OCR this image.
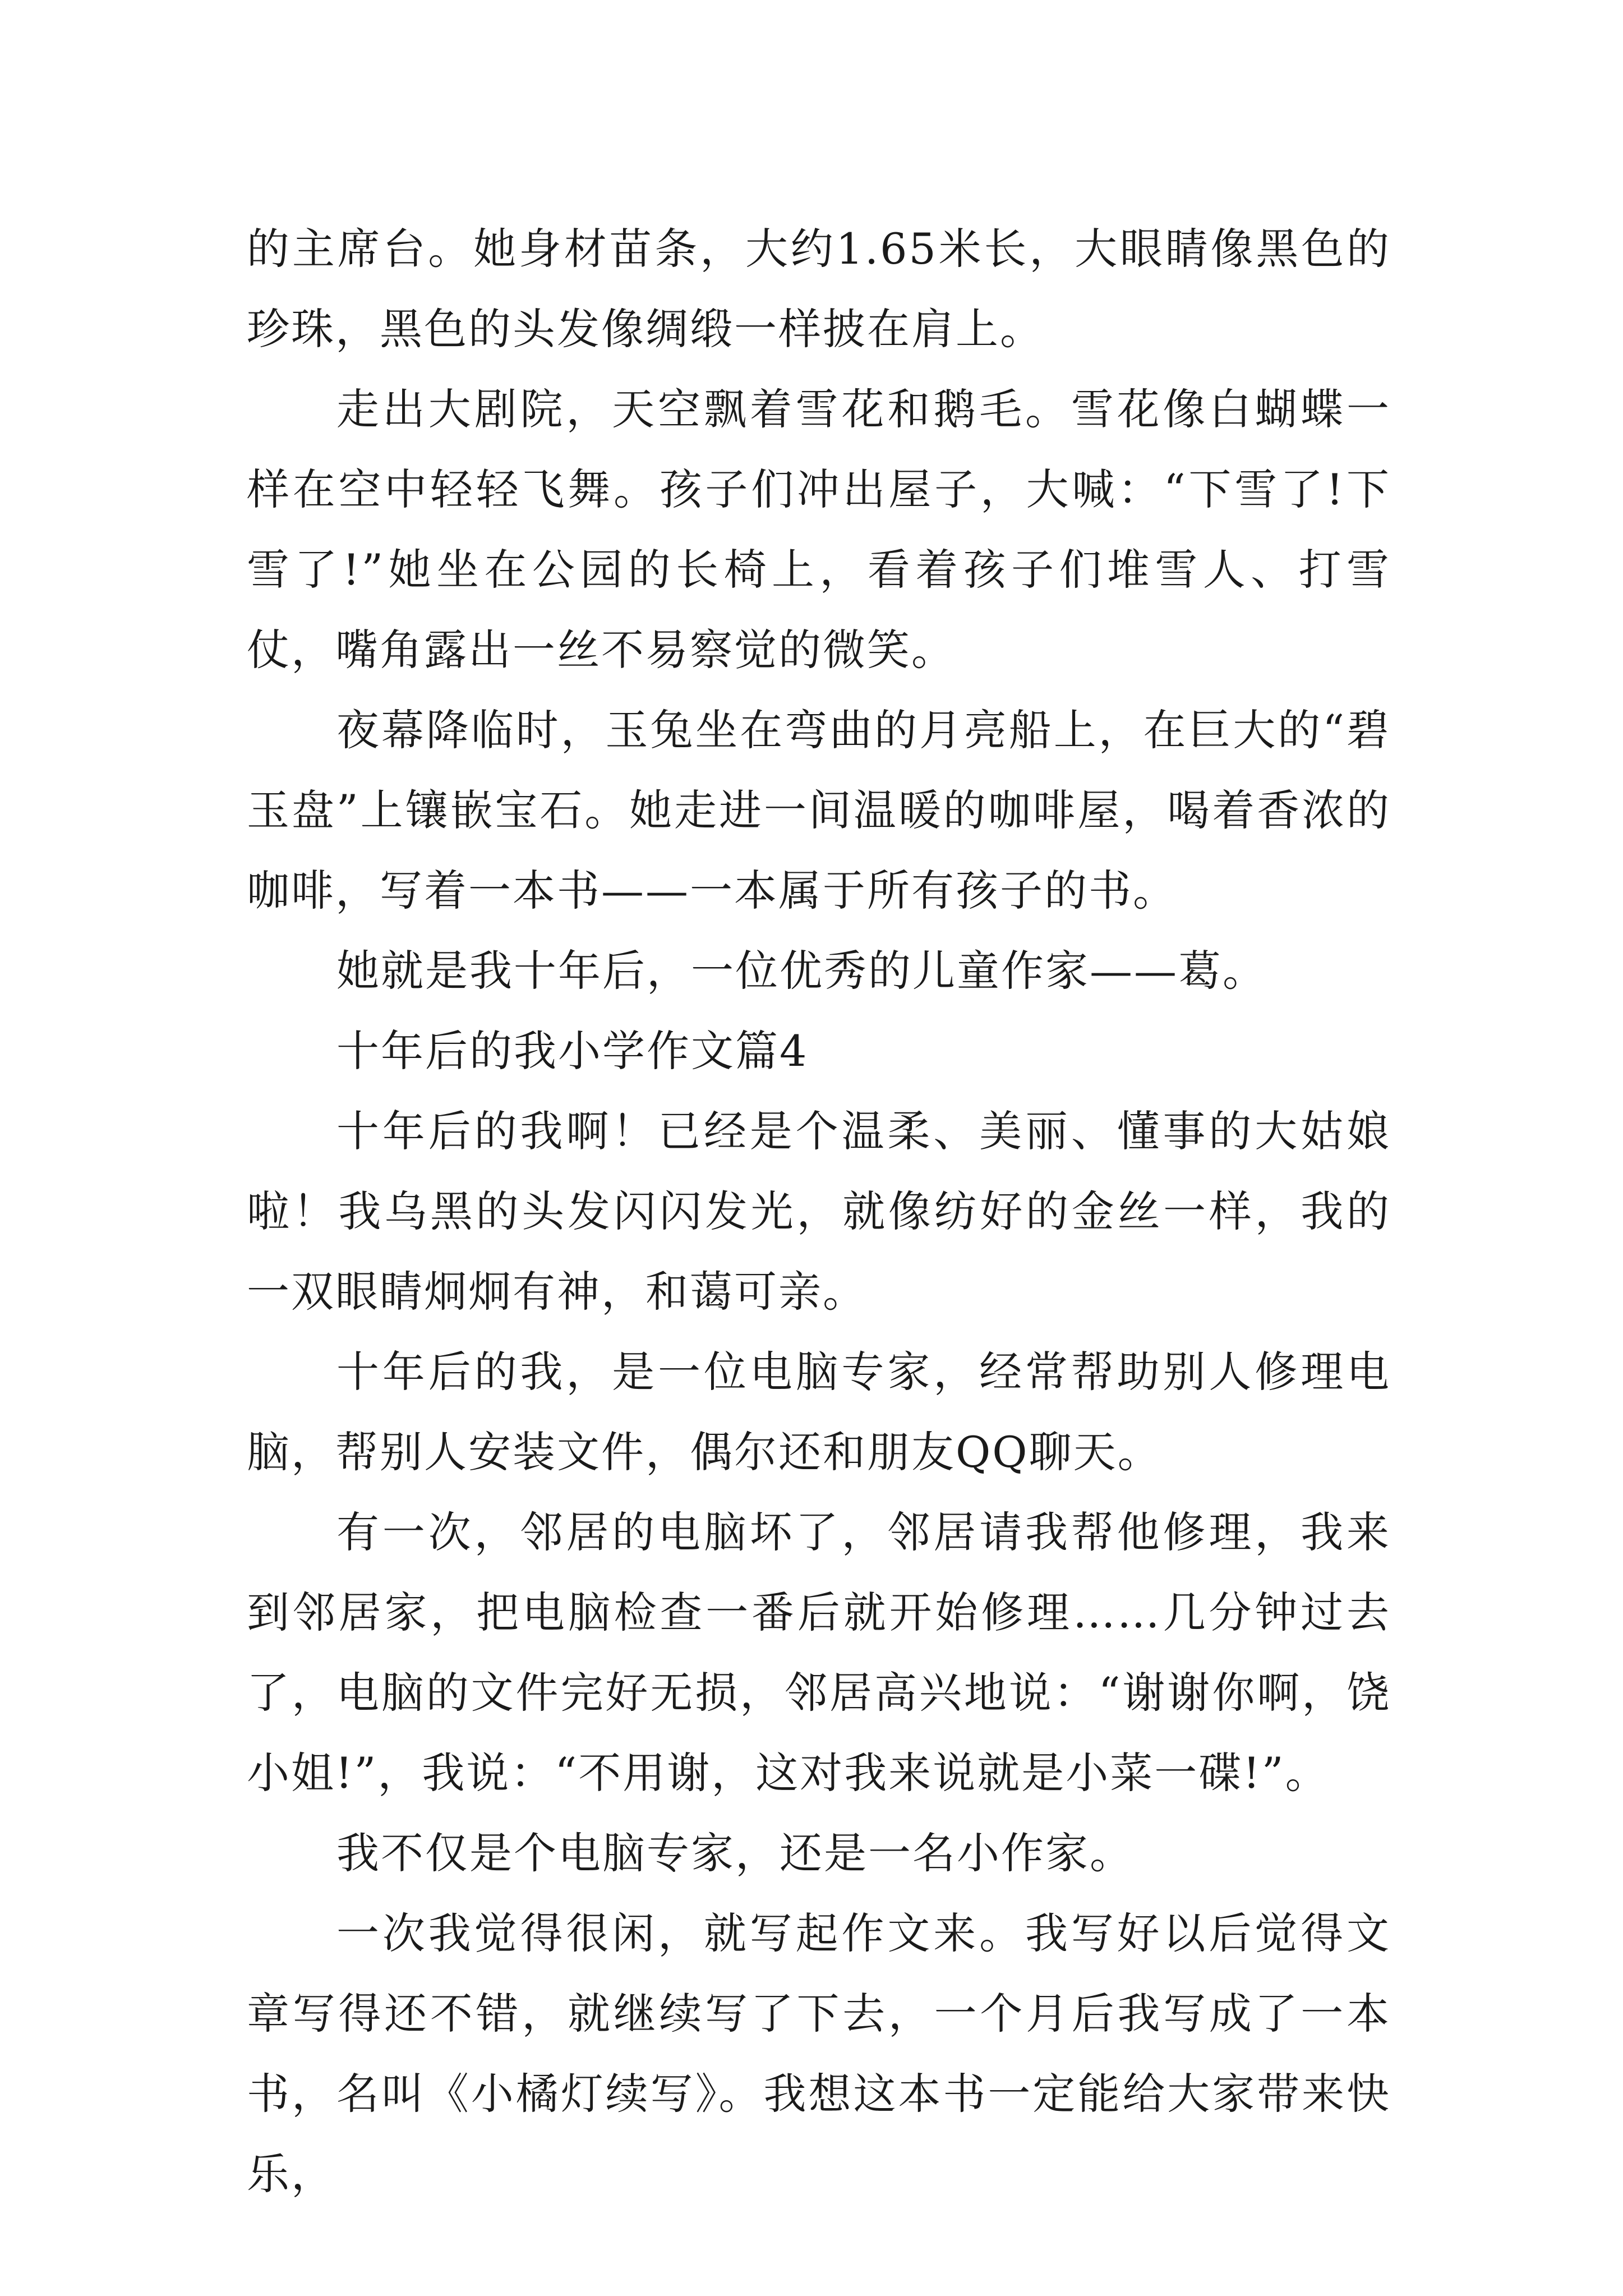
的主席台。她身材苗条，大约1.65米长，大眼睛像黑色的珍珠，黑色的头发像绸缎一样披在肩上。

走出大剧院，天空飘着雪花和鹅毛。雪花像白蝴蝶一样在空中轻轻飞舞。孩子们冲出屋子，大喊：“下雪了!下雪了!”她坐在公园的长椅上，看着孩子们堆雪人、打雪仗，嘴角露出一丝不易察觉的微笑。

夜幕降临时，玉兔坐在弯曲的月亮船上，在巨大的“碧玉盘”上镶嵌宝石。她走进一间温暖的咖啡屋，喝着香浓的咖啡，写着一本书——一本属于所有孩子的书。

她就是我十年后，一位优秀的儿童作家——葛。

十年后的我小学作文篇4

十年后的我啊！已经是个温柔、美丽、懂事的大姑娘啦！我乌黑的头发闪闪发光，就像纺好的金丝一样，我的一双眼睛炯炯有神，和蔼可亲。

十年后的我，是一位电脑专家，经常帮助别人修理电脑，帮别人安装文件，偶尔还和朋友QQ聊天。

有一次，邻居的电脑坏了，邻居请我帮他修理，我来到邻居家，把电脑检查一番后就开始修理……几分钟过去了，电脑的文件完好无损，邻居高兴地说：“谢谢你啊，饶小姐!”，我说：“不用谢，这对我来说就是小菜一碟!”。

我不仅是个电脑专家，还是一名小作家。

一次我觉得很闲，就写起作文来。我写好以后觉得文章写得还不错，就继续写了下去，一个月后我写成了一本书，名叫《小橘灯续写》。我想这本书一定能给大家带来快乐，
